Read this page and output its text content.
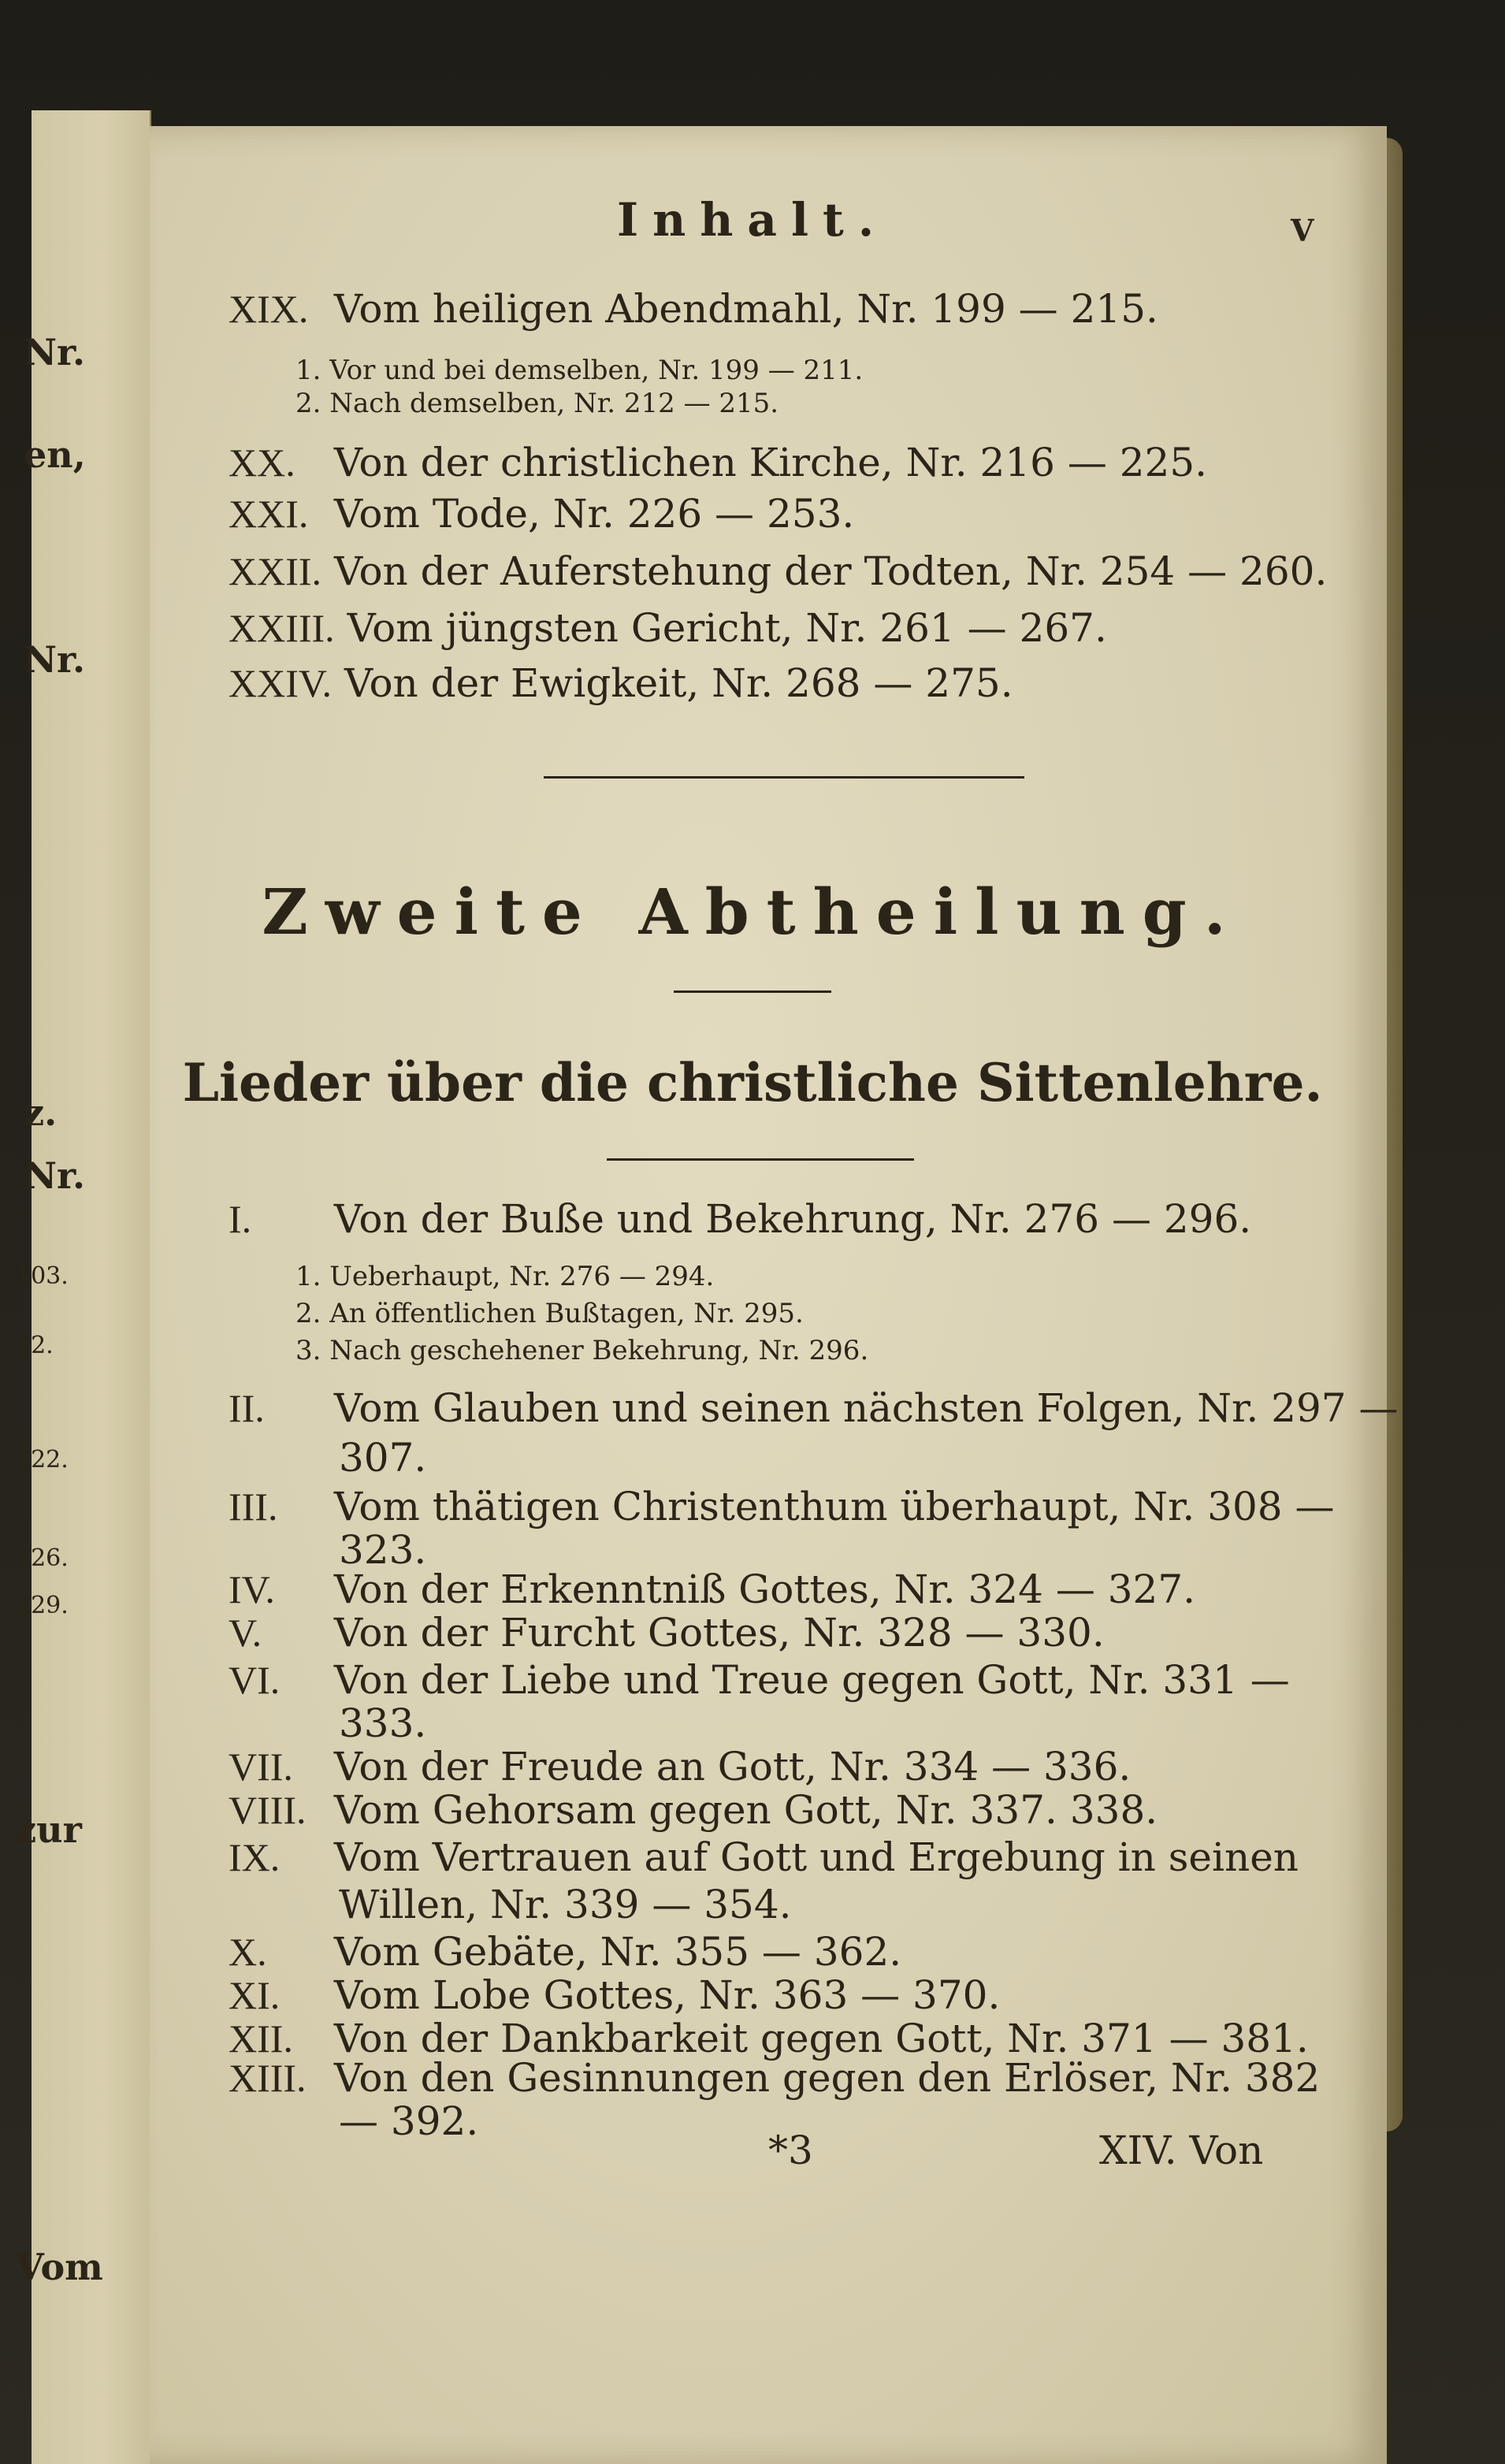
Nr.
en,
Nr.
z.
Nr.
103.
12.
122.
126.
129.
zur
Vom
Inhalt.	V
XIX. Vom heiligen Abendmahl, Nr. 199 — 215.
1. Vor und bei demselben, Nr. 199 — 211.
2. Nach demselben, Nr. 212 — 215.
XX. Von der christlichen Kirche, Nr. 216 — 225.
XXI. Vom Tode, Nr. 226 — 253.
XXII. Von der Auferstehung der Todten, Nr. 254 — 260.
XXIII. Vom jüngsten Gericht, Nr. 261 — 267.
XXIV. Von der Ewigkeit, Nr. 268 — 275.
Zweite Abtheilung.
Lieder über die christliche Sittenlehre.
I. Von der Buße und Bekehrung, Nr. 276 — 296.
1. Ueberhaupt, Nr. 276 — 294.
2. An öffentlichen Bußtagen, Nr. 295.
3. Nach geschehener Bekehrung, Nr. 296.
II. Vom Glauben und seinen nächsten Folgen, Nr. 297 —
307.
III. Vom thätigen Christenthum überhaupt, Nr. 308 —
323.
IV. Von der Erkenntniß Gottes, Nr. 324 — 327.
V. Von der Furcht Gottes, Nr. 328 — 330.
VI. Von der Liebe und Treue gegen Gott, Nr. 331 —
333.
VII. Von der Freude an Gott, Nr. 334 — 336.
VIII. Vom Gehorsam gegen Gott, Nr. 337. 338.
IX. Vom Vertrauen auf Gott und Ergebung in seinen
Willen, Nr. 339 — 354.
X. Vom Gebäte, Nr. 355 — 362.
XI. Vom Lobe Gottes, Nr. 363 — 370.
XII. Von der Dankbarkeit gegen Gott, Nr. 371 — 381.
XIII. Von den Gesinnungen gegen den Erlöser, Nr. 382
— 392.
*3	XIV. Von
